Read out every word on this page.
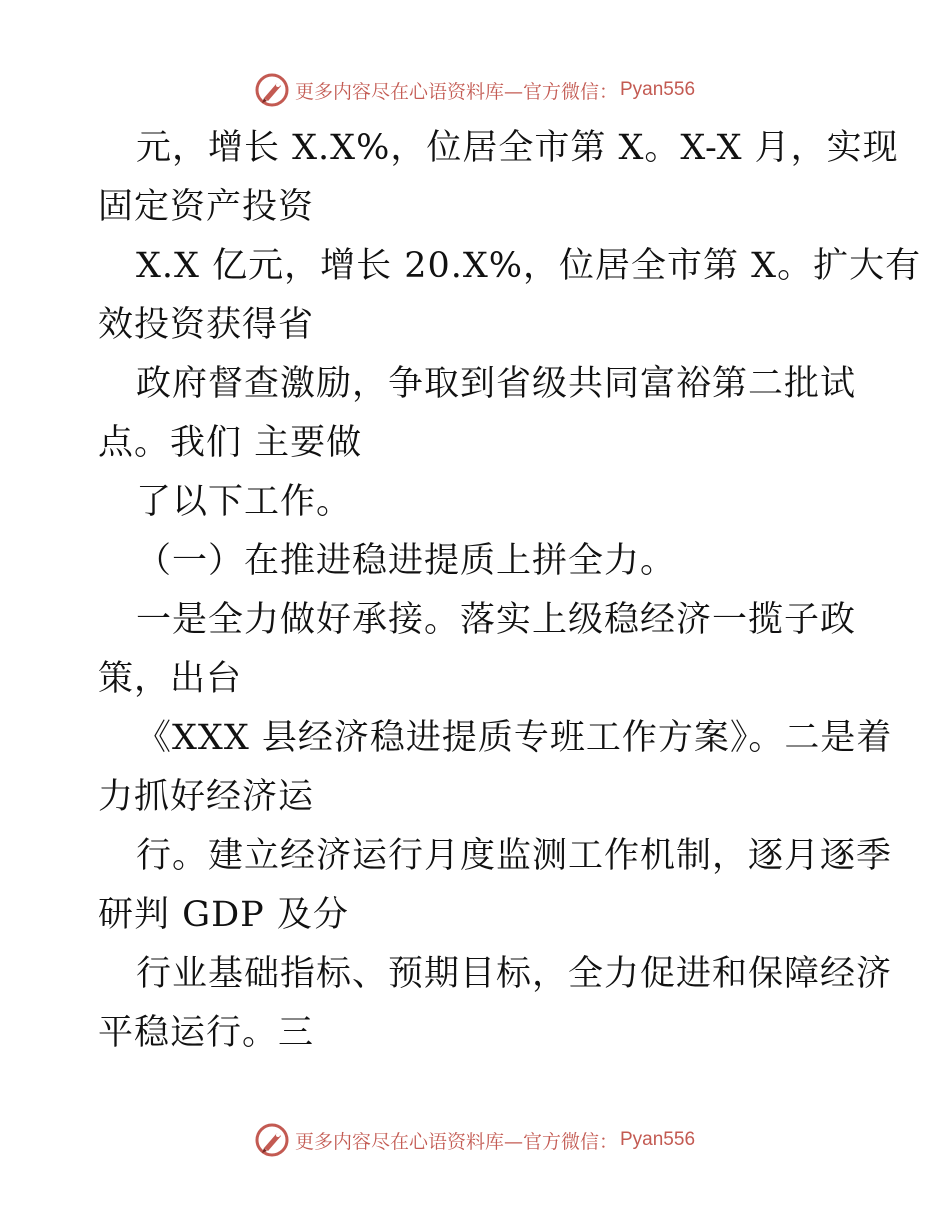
更多内容尽在心语资料库—官方微信： Pyan556
元，增长 X.X%，位居全市第 X。X-X 月，实现
固定资产投资
X.X 亿元，增长 20.X%，位居全市第 X。扩大有
效投资获得省
政府督查激励，争取到省级共同富裕第二批试
点。我们 主要做
了以下工作。
（一）在推进稳进提质上拼全力。
一是全力做好承接。落实上级稳经济一揽子政
策，出台
《XXX 县经济稳进提质专班工作方案》。二是着
力抓好经济运
行。建立经济运行月度监测工作机制，逐月逐季
研判 GDP 及分
行业基础指标、预期目标，全力促进和保障经济
平稳运行。三
更多内容尽在心语资料库—官方微信： Pyan556
